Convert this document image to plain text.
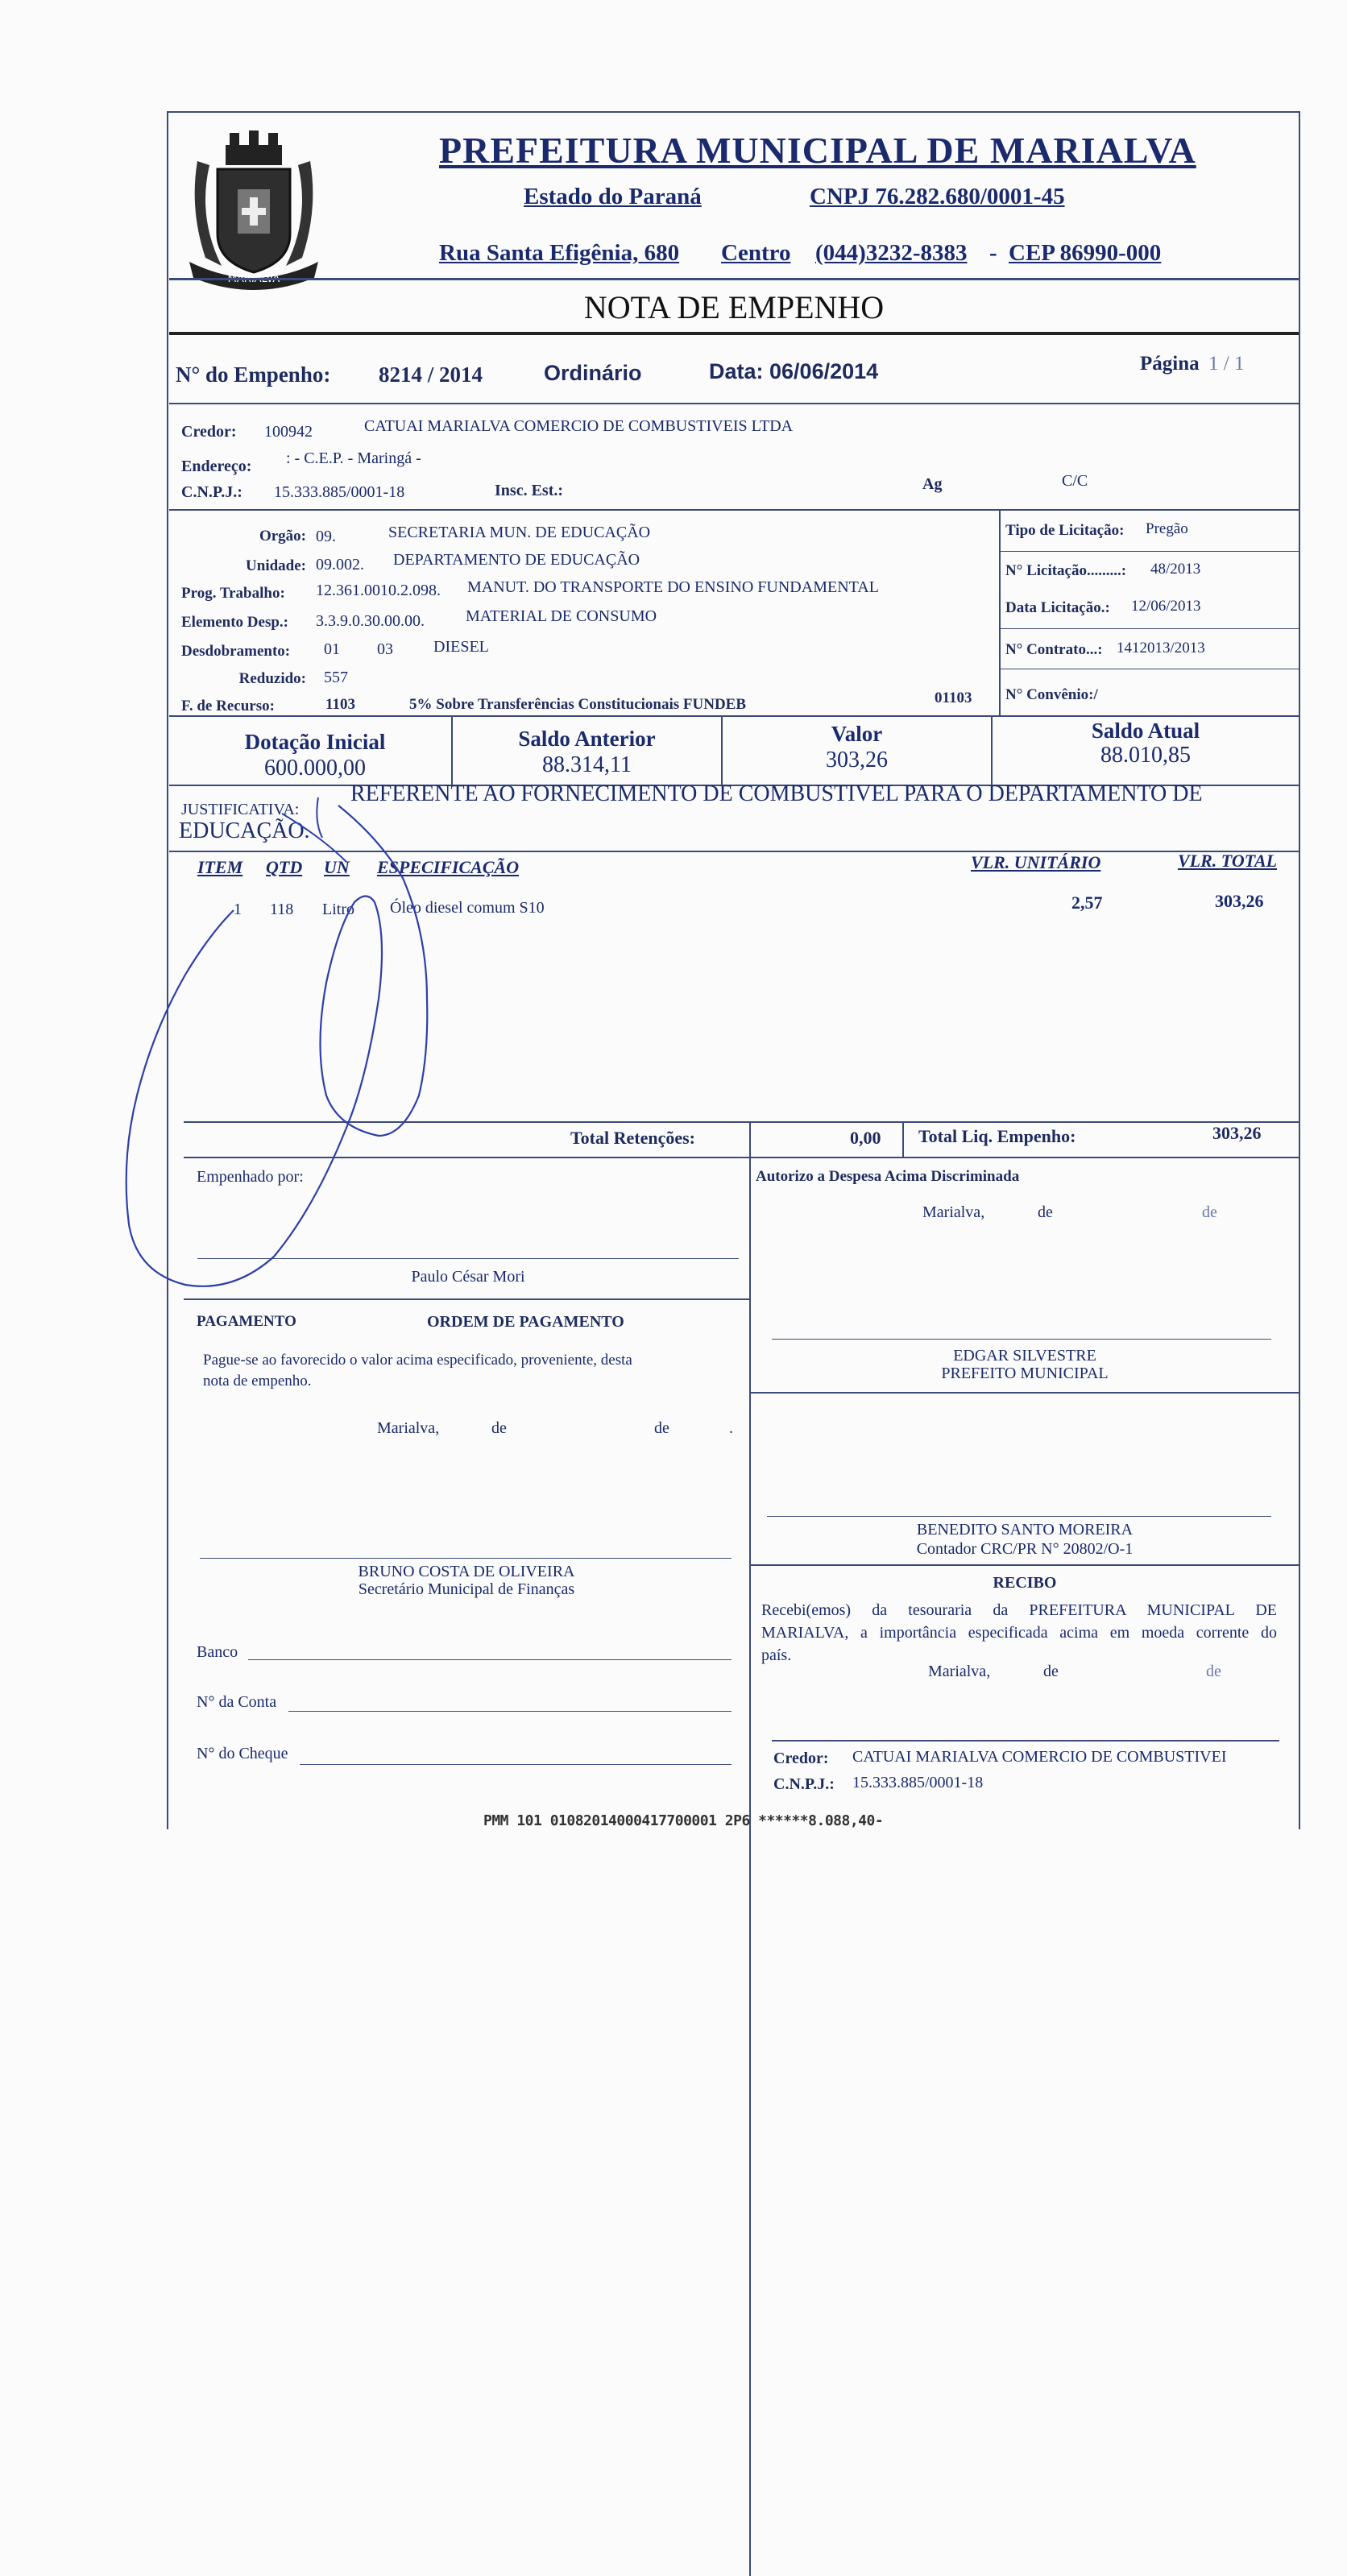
PREFEITURA MUNICIPAL DE MARIALVA
Estado do Paraná	CNPJ 76.282.680/0001-45
Rua Santa Efigênia, 680 Centro (044)3232-8383 - CEP 86990-000
NOTA DE EMPENHO
N° do Empenho: 8214 / 2014	Ordinário	Data: 06/06/2014	Página 1 / 1
Credor: 100942	CATUAI MARIALVA COMERCIO DE COMBUSTIVEIS LTDA
Endereço: : - C.E.P. - Maringá -
C.N.P.J.: 15.333.885/0001-18	Insc. Est.:	Ag	C/C
Orgão: 09.	SECRETARIA MUN. DE EDUCAÇÃO
Unidade: 09.002. DEPARTAMENTO DE EDUCAÇÃO
Prog. Trabalho: 12.361.0010.2.098. MANUT. DO TRANSPORTE DO ENSINO FUNDAMENTAL
Elemento Desp.: 3.3.9.0.30.00.00.	MATERIAL DE CONSUMO
Desdobramento: 01 03	DIESEL
Reduzido: 557
F. de Recurso:	1103	5% Sobre Transferências Constitucionais FUNDEB	01103
Tipo de Licitação: Pregão
N° Licitação.........: 48/2013
Data Licitação.: 12/06/2013
N° Contrato...: 1412013/2013
N° Convênio:/
Dotação Inicial
600.000,00
Saldo Anterior
88.314,11
Valor
303,26
Saldo Atual
88.010,85
JUSTIFICATIVA:
REFERENTE AO FORNECIMENTO DE COMBUSTIVEL PARA O DEPARTAMENTO DE
EDUCAÇÃO.
ITEM QTD UN ESPECIFICAÇÃO	VLR. UNITÁRIO	VLR. TOTAL
1 118 Litro Óleo diesel comum S10	2,57	303,26
Total Retenções:	0,00 Total Liq. Empenho:	303,26
Empenhado por:
Paulo César Mori
Autorizo a Despesa Acima Discriminada
Marialva,	de	de
EDGAR SILVESTRE
PREFEITO MUNICIPAL
PAGAMENTO	ORDEM DE PAGAMENTO
Pague-se ao favorecido o valor acima especificado, proveniente, desta
nota de empenho.
Marialva,	de	de	.
BENEDITO SANTO MOREIRA
Contador CRC/PR N° 20802/O-1
BRUNO COSTA DE OLIVEIRA
Secretário Municipal de Finanças	RECIBO
Recebi(emos) da tesouraria da PREFEITURA MUNICIPAL DE
MARIALVA, a importância especificada acima em moeda corrente do
país.
Marialva,	de	de
Credor: CATUAI MARIALVA COMERCIO DE COMBUSTIVEI
C.N.P.J.: 15.333.885/0001-18
Banco
N° da Conta
N° do Cheque
PMM 101 01082014000417700001 2P6 ******8.088,40-
